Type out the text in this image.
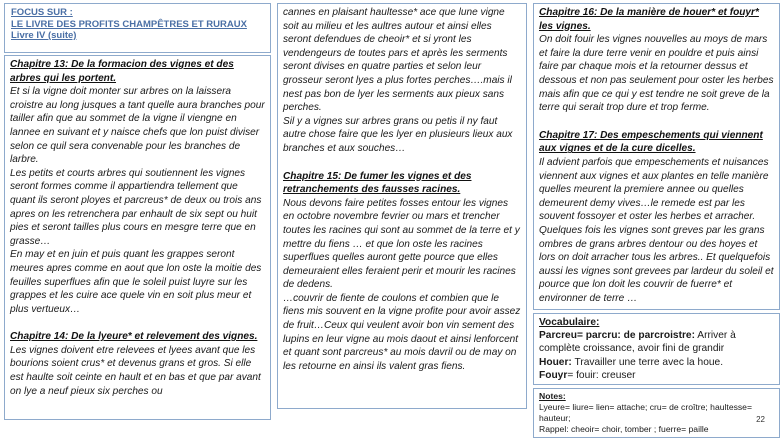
FOCUS SUR :
LE LIVRE DES PROFITS CHAMPÊTRES ET RURAUX
Livre IV (suite)

Chapitre 13: De la formacion des vignes et des arbres qui les portent.

Et si la vigne doit monter sur arbres on la laissera croistre au long jusques a tant quelle aura branches pour tailler afin que au sommet de la vigne il viengne en lannee en suivant et y naisce chefs que lon puist diviser selon ce quil sera convenable pour les branches de larbre.

Les petits et courts arbres qui soutiennent les vignes seront formes comme il appartiendra tellement que quant ils seront ployes et parcreus* de deux ou trois ans apres on les retrenchera par enhault de six sept ou huit pies et seront tailles plus cours en mesgre terre que en grasse…

En may et en juin et puis quant les grappes seront meures apres comme en aout que lon oste la moitie des feuilles superflues afin que le soleil puist luyre sur les grappes et les cuire ace quele vin en soit plus meur et plus vertueux…

Chapitre 14: De la lyeure* et relevement des vignes.

Les vignes doivent etre relevees et lyees avant que les bourions soient crus* et devenus grans et gros. Si elle est haulte soit ceinte en hault et en bas et que par avant on lye a neuf pieux six perches ou

cannes en plaisant haultesse* ace que lune vigne soit au milieu et les aultres autour et ainsi elles seront defendues de cheoir* et si yront les vendengeurs de toutes pars et après les serments seront divises en quatre parties et selon leur grosseur seront lyes a plus fortes perches….mais il nest pas bon de lyer les serments aux pieux sans perches.

Sil y a vignes sur arbres grans ou petis il ny faut autre chose faire que les lyer en plusieurs lieux aux branches et aux souches…

Chapitre 15: De fumer les vignes et des retranchements des fausses racines.

Nous devons faire petites fosses entour les vignes en octobre novembre fevrier ou mars et trencher toutes les racines qui sont au sommet de la terre et y mettre du fiens … et que lon oste les racines superflues quelles auront gette pource que elles demeuraient elles feraient perir et mourir les racines de dedens.

…couvrir de fiente de coulons et combien que le fiens mis souvent en la vigne profite pour avoir assez de fruit…Ceux qui veulent avoir bon vin sement des lupins en leur vigne au mois daout et ainsi lenforcent et quant sont parcreus* au mois davril ou de may on les retourne en ainsi ils valent gras fiens.

Chapitre 16: De la manière de houer* et fouyr* les vignes.

On doit fouir les vignes nouvelles au moys de mars et faire la dure terre venir en pouldre et puis ainsi faire par chaque mois et la retourner dessus et dessous et non pas seulement pour oster les herbes mais afin que ce qui y est tendre ne soit greve de la terre qui serait trop dure et trop ferme.

Chapitre 17: Des empeschements qui viennent aux vignes et de la cure dicelles.

Il advient parfois que empeschements et nuisances viennent aux vignes et aux plantes en telle manière quelles meurent la premiere annee ou quelles demeurent demy vives…le remede est par les souvent fossoyer et oster les herbes et arracher. Quelques fois les vignes sont greves par les grans ombres de grans arbres dentour ou des hoyes et lors on doit arracher tous les arbres.. Et quelquefois aussi les vignes sont grevees par lardeur du soleil et pource que lon doit les couvrir de fuerre* et environner de terre …

Vocabulaire:

Parcreu= parcru: de parcroistre: Arriver à complète croissance, avoir fini de grandir

Houer: Travailler une terre avec la houe.

Fouyr= fouir: creuser

Notes:

Lyeure= liure= lien= attache; cru= de croître; haultesse= hauteur;

Rappel: cheoir= choir, tomber ; fuerre= paille

22
